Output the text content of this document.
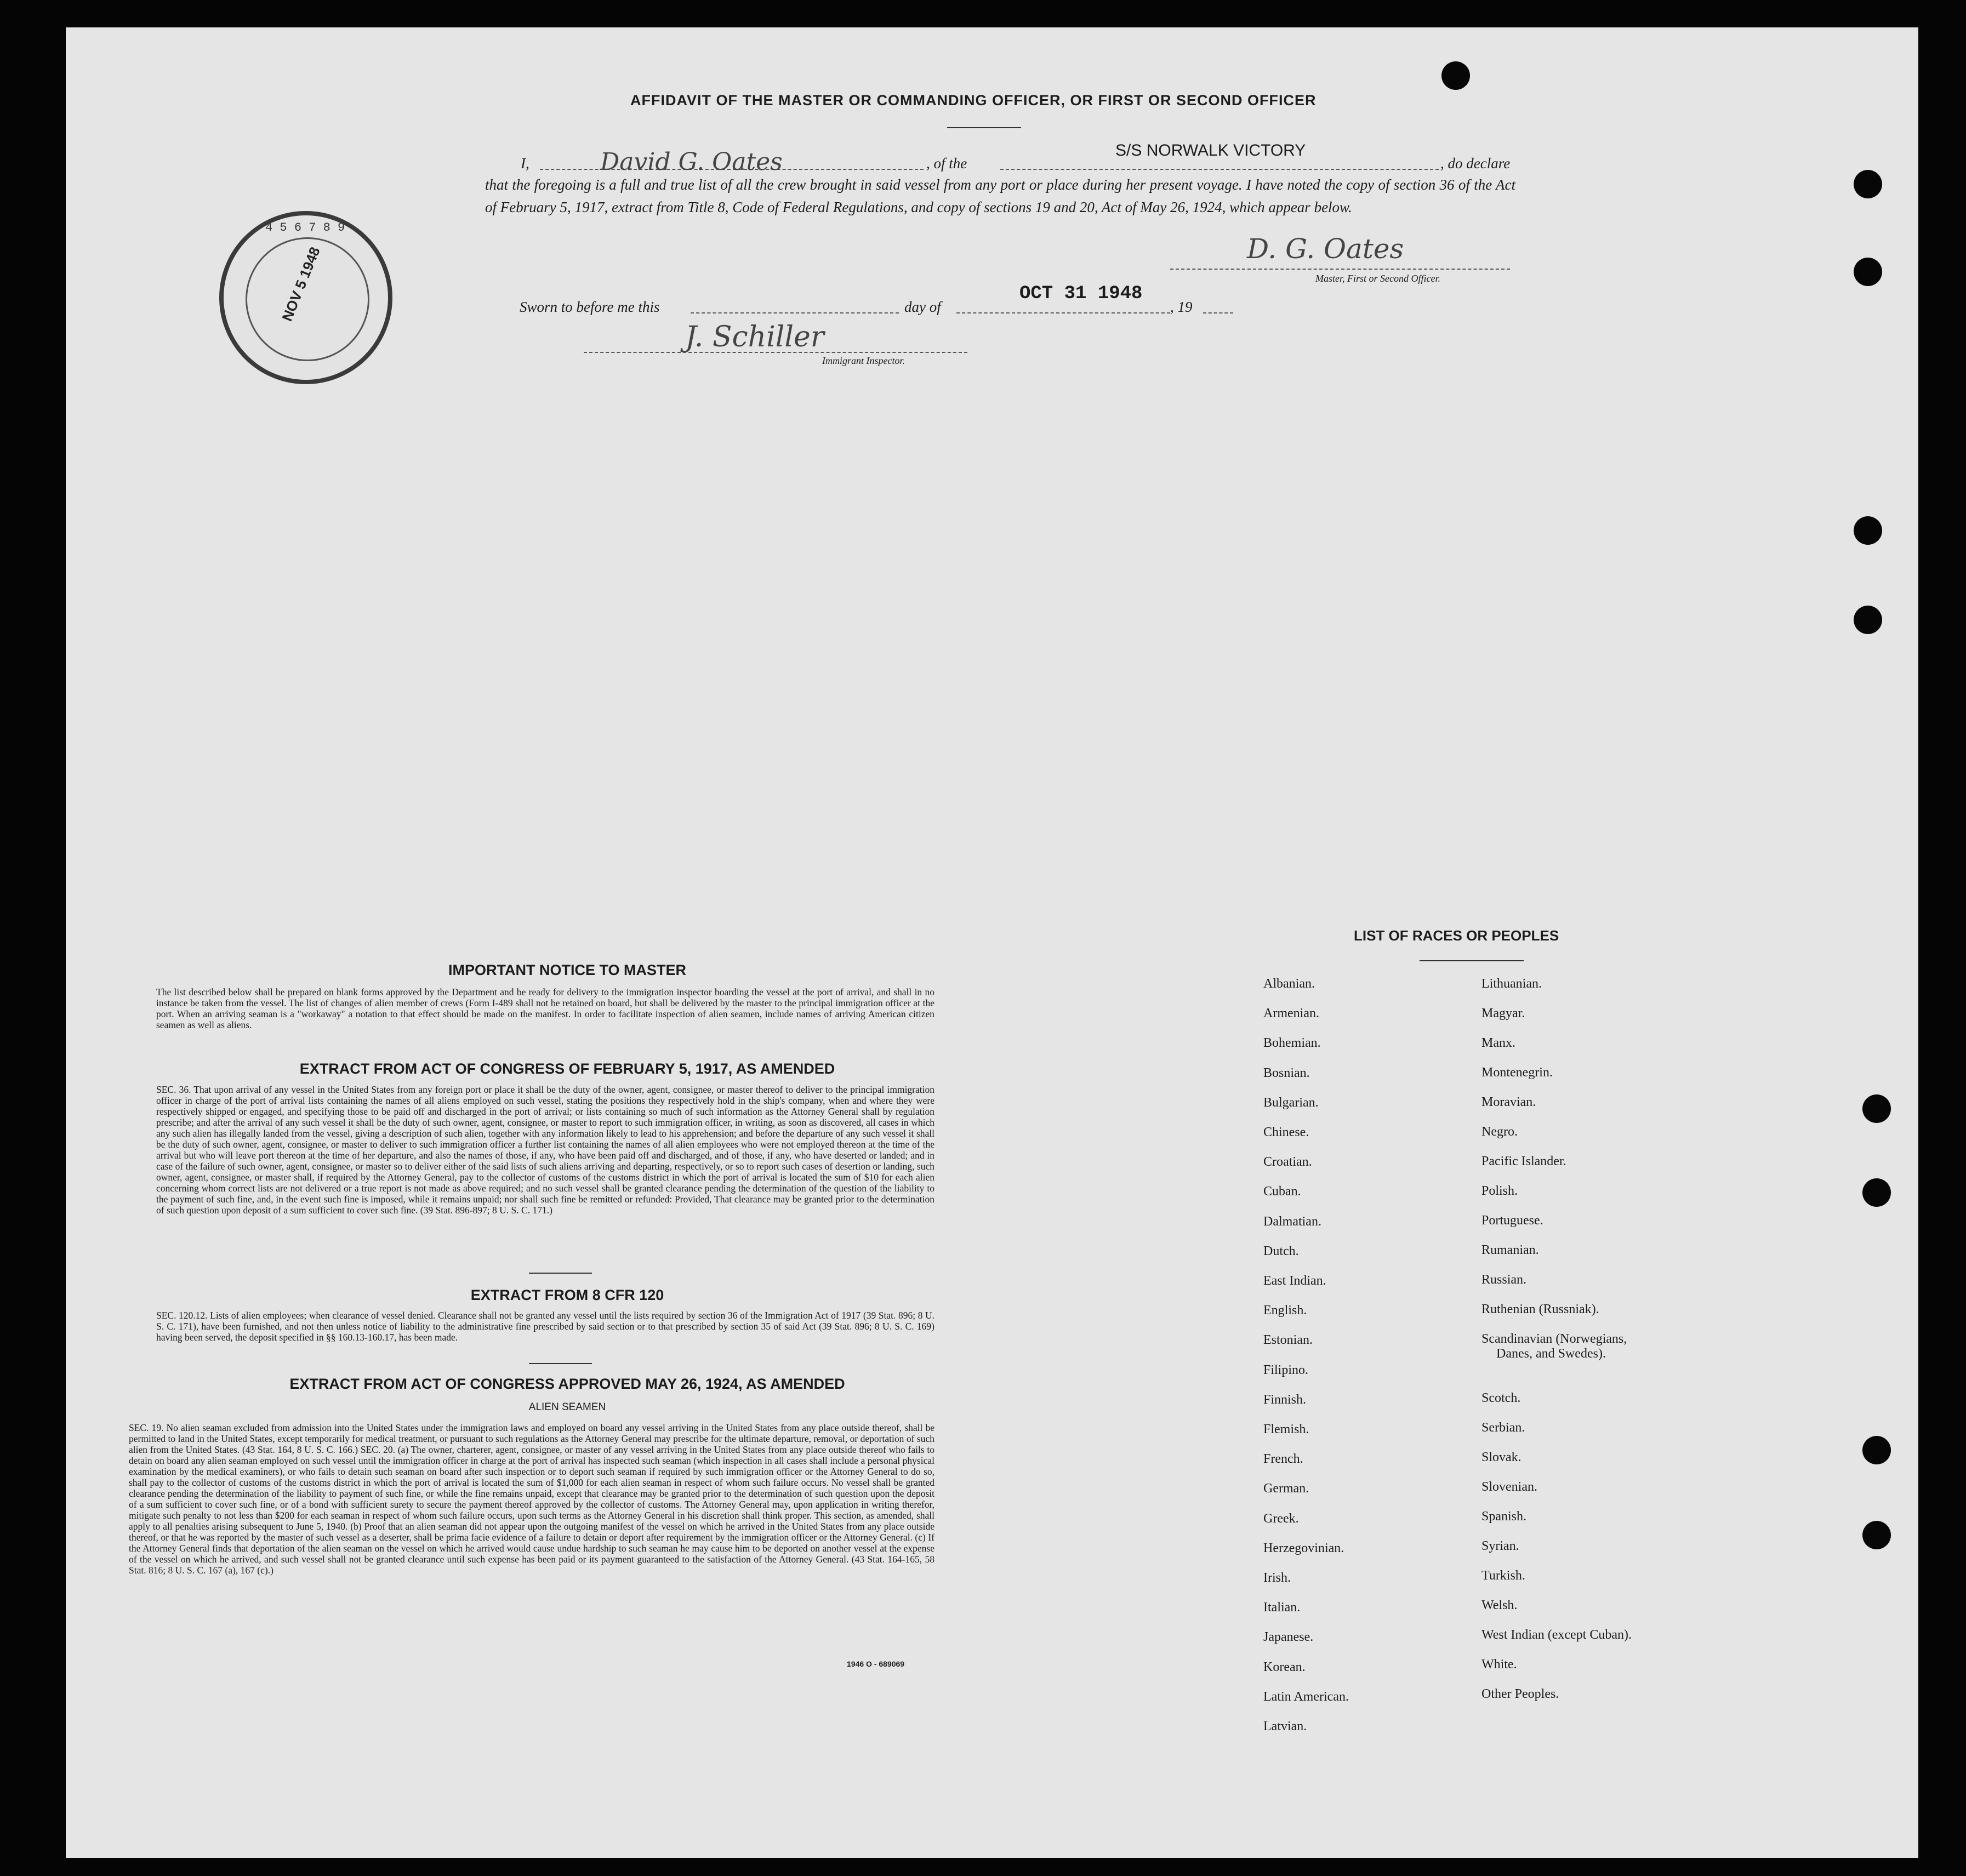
AFFIDAVIT OF THE MASTER OR COMMANDING OFFICER, OR FIRST OR SECOND OFFICER
I,	David G. Oates	, of the
S/S NORWALK VICTORY
, do declare
that the foregoing is a full and true list of all the crew brought in said vessel from any port or place during her present voyage. I have noted the copy of section 36 of the Act of February 5, 1917, extract from Title 8, Code of Federal Regulations, and copy of sections 19 and 20, Act of May 26, 1924, which appear below.
D. G. Oates
Master, First or Second Officer.
Sworn to before me this	day of
OCT 31 1948
, 19
J. Schiller
Immigrant Inspector.
12 3 4 5 6 7 8 9
NOV 5 1948
IMPORTANT NOTICE TO MASTER
The list described below shall be prepared on blank forms approved by the Department and be ready for delivery to the immigration inspector boarding the vessel at the port of arrival, and shall in no instance be taken from the vessel. The list of changes of alien member of crews (Form I-489 shall not be retained on board, but shall be delivered by the master to the principal immigration officer at the port. When an arriving seaman is a "workaway" a notation to that effect should be made on the manifest. In order to facilitate inspection of alien seamen, include names of arriving American citizen seamen as well as aliens.
EXTRACT FROM ACT OF CONGRESS OF FEBRUARY 5, 1917, AS AMENDED
SEC. 36. That upon arrival of any vessel in the United States from any foreign port or place it shall be the duty of the owner, agent, consignee, or master thereof to deliver to the principal immigration officer in charge of the port of arrival lists containing the names of all aliens employed on such vessel, stating the positions they respectively hold in the ship's company, when and where they were respectively shipped or engaged, and specifying those to be paid off and discharged in the port of arrival; or lists containing so much of such information as the Attorney General shall by regulation prescribe; and after the arrival of any such vessel it shall be the duty of such owner, agent, consignee, or master to report to such immigration officer, in writing, as soon as discovered, all cases in which any such alien has illegally landed from the vessel, giving a description of such alien, together with any information likely to lead to his apprehension; and before the departure of any such vessel it shall be the duty of such owner, agent, consignee, or master to deliver to such immigration officer a further list containing the names of all alien employees who were not employed thereon at the time of the arrival but who will leave port thereon at the time of her departure, and also the names of those, if any, who have been paid off and discharged, and of those, if any, who have deserted or landed; and in case of the failure of such owner, agent, consignee, or master so to deliver either of the said lists of such aliens arriving and departing, respectively, or so to report such cases of desertion or landing, such owner, agent, consignee, or master shall, if required by the Attorney General, pay to the collector of customs of the customs district in which the port of arrival is located the sum of $10 for each alien concerning whom correct lists are not delivered or a true report is not made as above required; and no such vessel shall be granted clearance pending the determination of the question of the liability to the payment of such fine, and, in the event such fine is imposed, while it remains unpaid; nor shall such fine be remitted or refunded: Provided, That clearance may be granted prior to the determination of such question upon deposit of a sum sufficient to cover such fine. (39 Stat. 896-897; 8 U. S. C. 171.)
EXTRACT FROM 8 CFR 120
SEC. 120.12. Lists of alien employees; when clearance of vessel denied. Clearance shall not be granted any vessel until the lists required by section 36 of the Immigration Act of 1917 (39 Stat. 896; 8 U. S. C. 171), have been furnished, and not then unless notice of liability to the administrative fine prescribed by said section or to that prescribed by section 35 of said Act (39 Stat. 896; 8 U. S. C. 169) having been served, the deposit specified in §§ 160.13-160.17, has been made.
EXTRACT FROM ACT OF CONGRESS APPROVED MAY 26, 1924, AS AMENDED
ALIEN SEAMEN
SEC. 19. No alien seaman excluded from admission into the United States under the immigration laws and employed on board any vessel arriving in the United States from any place outside thereof, shall be permitted to land in the United States, except temporarily for medical treatment, or pursuant to such regulations as the Attorney General may prescribe for the ultimate departure, removal, or deportation of such alien from the United States. (43 Stat. 164, 8 U. S. C. 166.) SEC. 20. (a) The owner, charterer, agent, consignee, or master of any vessel arriving in the United States from any place outside thereof who fails to detain on board any alien seaman employed on such vessel until the immigration officer in charge at the port of arrival has inspected such seaman (which inspection in all cases shall include a personal physical examination by the medical examiners), or who fails to detain such seaman on board after such inspection or to deport such seaman if required by such immigration officer or the Attorney General to do so, shall pay to the collector of customs of the customs district in which the port of arrival is located the sum of $1,000 for each alien seaman in respect of whom such failure occurs. No vessel shall be granted clearance pending the determination of the liability to payment of such fine, or while the fine remains unpaid, except that clearance may be granted prior to the determination of such question upon the deposit of a sum sufficient to cover such fine, or of a bond with sufficient surety to secure the payment thereof approved by the collector of customs. The Attorney General may, upon application in writing therefor, mitigate such penalty to not less than $200 for each seaman in respect of whom such failure occurs, upon such terms as the Attorney General in his discretion shall think proper. This section, as amended, shall apply to all penalties arising subsequent to June 5, 1940. (b) Proof that an alien seaman did not appear upon the outgoing manifest of the vessel on which he arrived in the United States from any place outside thereof, or that he was reported by the master of such vessel as a deserter, shall be prima facie evidence of a failure to detain or deport after requirement by the immigration officer or the Attorney General. (c) If the Attorney General finds that deportation of the alien seaman on the vessel on which he arrived would cause undue hardship to such seaman he may cause him to be deported on another vessel at the expense of the vessel on which he arrived, and such vessel shall not be granted clearance until such expense has been paid or its payment guaranteed to the satisfaction of the Attorney General. (43 Stat. 164-165, 58 Stat. 816; 8 U. S. C. 167 (a), 167 (c).)
1946 O - 689069
LIST OF RACES OR PEOPLES
Albanian.
Armenian.
Bohemian.
Bosnian.
Bulgarian.
Chinese.
Croatian.
Cuban.
Dalmatian.
Dutch.
East Indian.
English.
Estonian.
Filipino.
Finnish.
Flemish.
French.
German.
Greek.
Herzegovinian.
Irish.
Italian.
Japanese.
Korean.
Latin American.
Latvian.
Lithuanian.
Magyar.
Manx.
Montenegrin.
Moravian.
Negro.
Pacific Islander.
Polish.
Portuguese.
Rumanian.
Russian.
Ruthenian (Russniak).
Scandinavian (Norwegians,
Danes, and Swedes).
Scotch.
Serbian.
Slovak.
Slovenian.
Spanish.
Syrian.
Turkish.
Welsh.
West Indian (except Cuban).
White.
Other Peoples.
